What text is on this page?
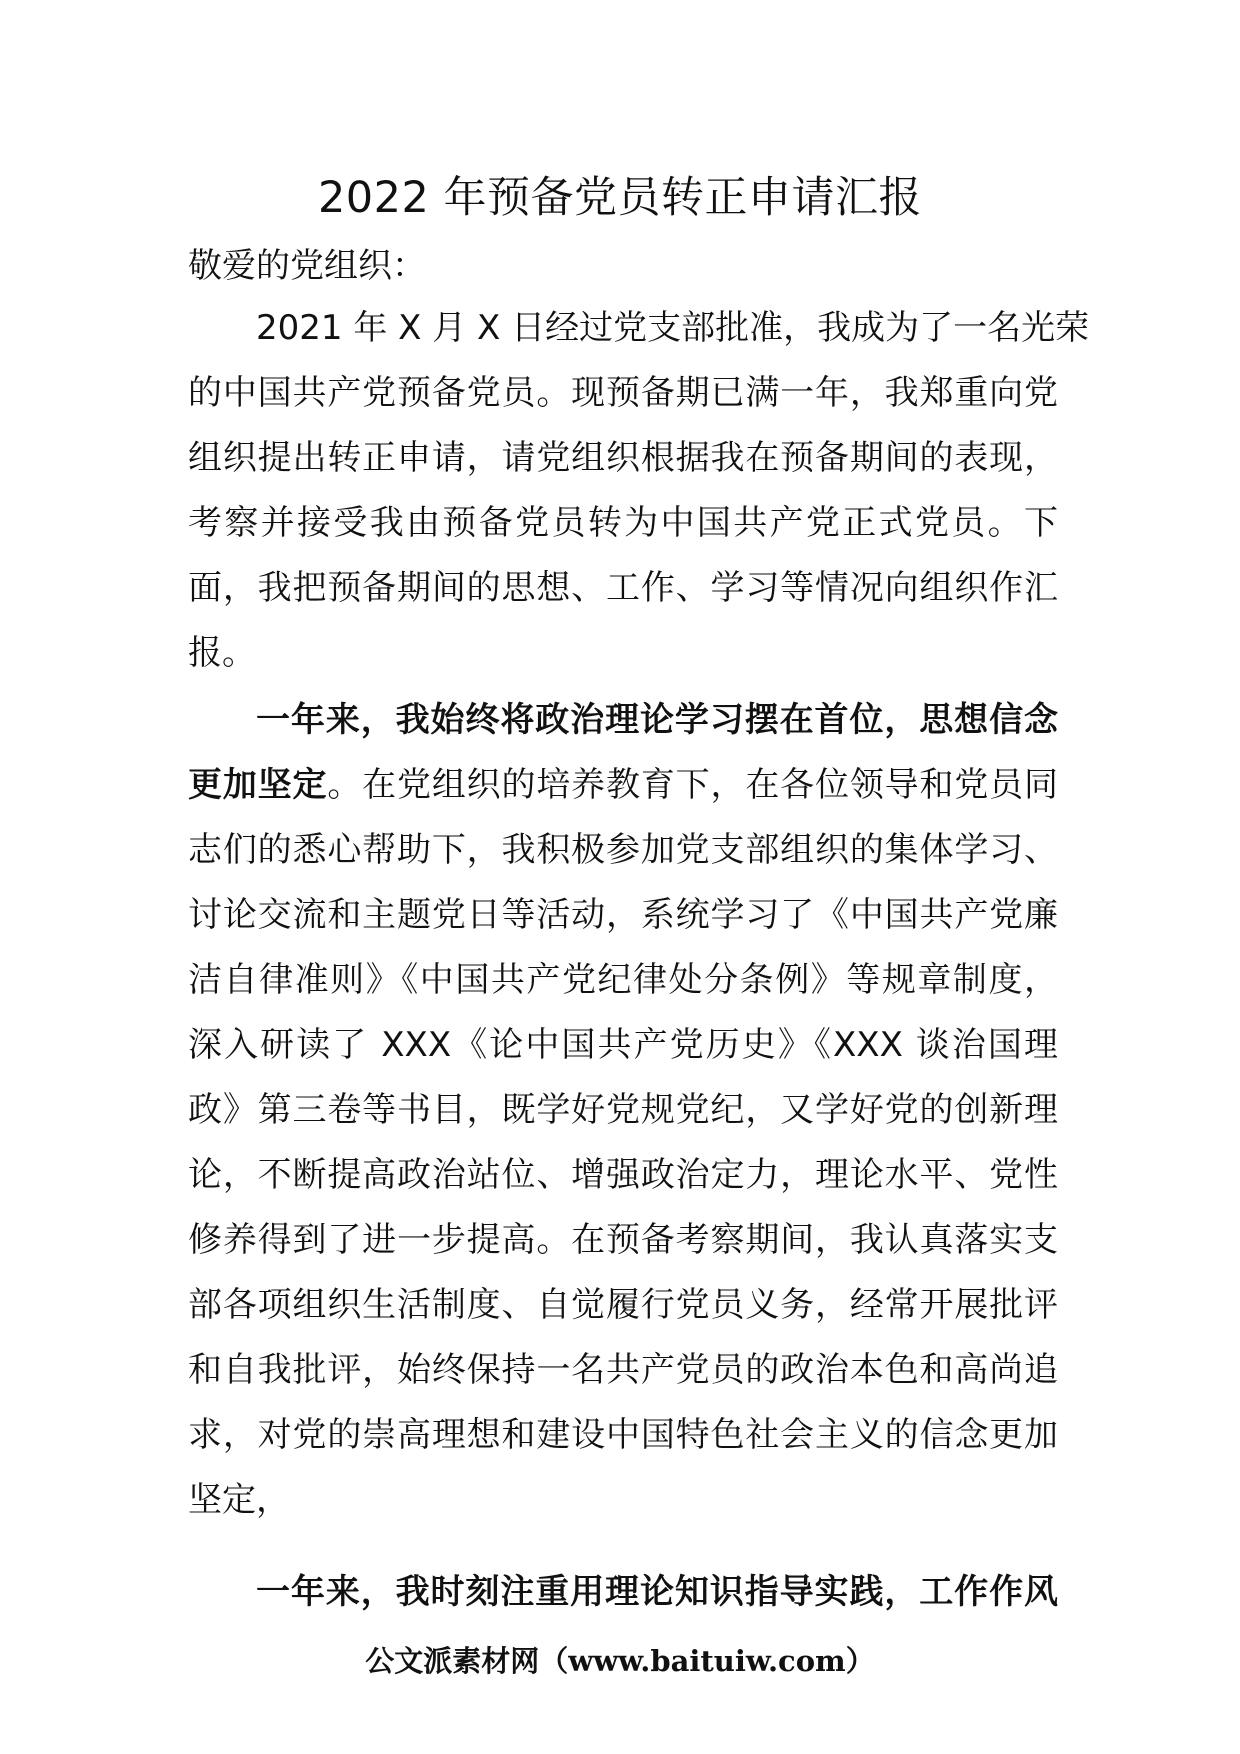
2022 年预备党员转正申请汇报

敬爱的党组织：

2021 年 X 月 X 日经过党支部批准，我成为了一名光荣
的中国共产党预备党员。现预备期已满一年，我郑重向党
组织提出转正申请，请党组织根据我在预备期间的表现，
考察并接受我由预备党员转为中国共产党正式党员。下
面，我把预备期间的思想、工作、学习等情况向组织作汇
报。
一年来，我始终将政治理论学习摆在首位，思想信念
更加坚定。在党组织的培养教育下，在各位领导和党员同
志们的悉心帮助下，我积极参加党支部组织的集体学习、
讨论交流和主题党日等活动，系统学习了《中国共产党廉
洁自律准则》《中国共产党纪律处分条例》等规章制度，
深入研读了 XXX《论中国共产党历史》《XXX 谈治国理
政》第三卷等书目，既学好党规党纪，又学好党的创新理
论，不断提高政治站位、增强政治定力，理论水平、党性
修养得到了进一步提高。在预备考察期间，我认真落实支
部各项组织生活制度、自觉履行党员义务，经常开展批评
和自我批评，始终保持一名共产党员的政治本色和高尚追
求，对党的崇高理想和建设中国特色社会主义的信念更加
坚定，
一年来，我时刻注重用理论知识指导实践，工作作风

公文派素材网（www.baituiw.com）
